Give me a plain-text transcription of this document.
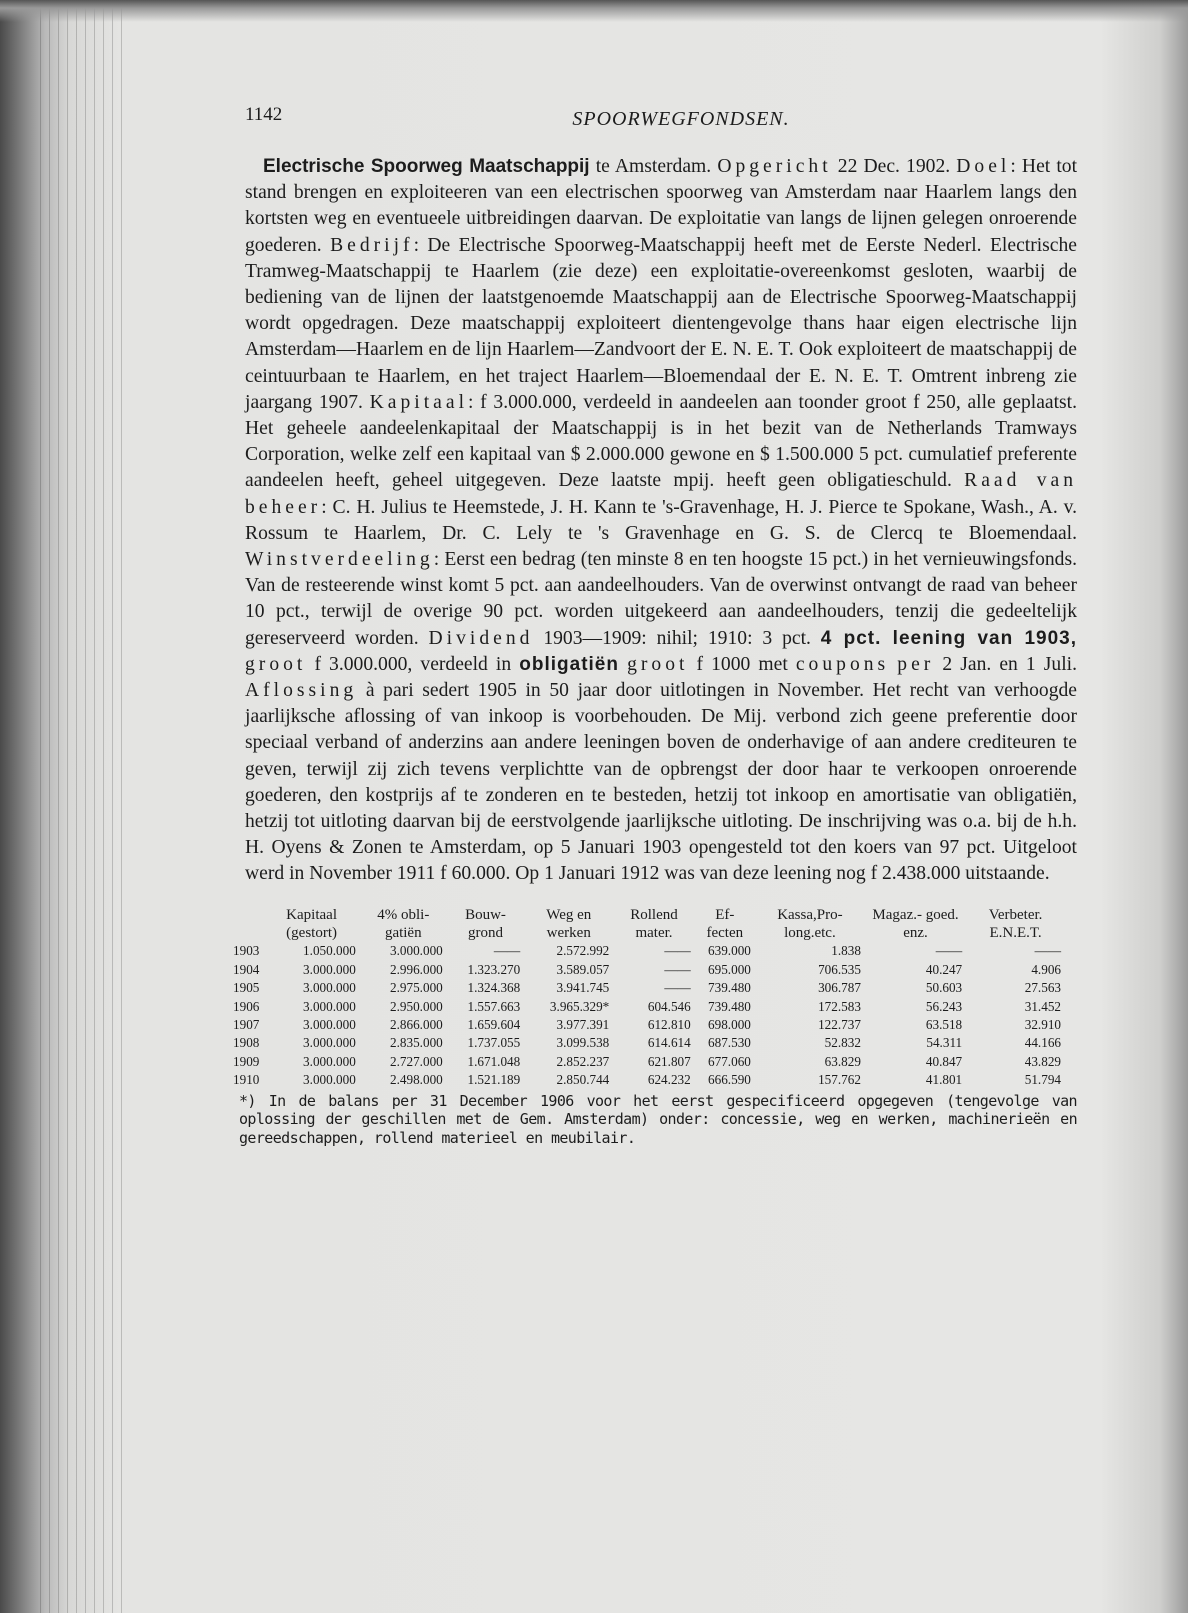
1142	SPOORWEGFONDSEN.

Electrische Spoorweg Maatschappij te Amsterdam. Opgericht 22 Dec. 1902. Doel: Het tot stand brengen en exploiteeren van een electrischen spoorweg van Amsterdam naar Haarlem langs den kortsten weg en eventueele uitbreidingen daarvan. De exploitatie van langs de lijnen gelegen onroerende goederen. Bedrijf: De Electrische Spoorweg-Maatschappij heeft met de Eerste Nederl. Electrische Tramweg-Maatschappij te Haarlem (zie deze) een exploitatie-overeenkomst gesloten, waarbij de bediening van de lijnen der laatstgenoemde Maatschappij aan de Electrische Spoorweg-Maatschappij wordt opgedragen. Deze maatschappij exploiteert dientengevolge thans haar eigen electrische lijn Amsterdam—Haarlem en de lijn Haarlem—Zandvoort der E. N. E. T. Ook exploiteert de maatschappij de ceintuurbaan te Haarlem, en het traject Haarlem—Bloemendaal der E. N. E. T. Omtrent inbreng zie jaargang 1907. Kapitaal: f 3.000.000, verdeeld in aandeelen aan toonder groot f 250, alle geplaatst. Het geheele aandeelenkapitaal der Maatschappij is in het bezit van de Netherlands Tramways Corporation, welke zelf een kapitaal van $ 2.000.000 gewone en $ 1.500.000 5 pct. cumulatief preferente aandeelen heeft, geheel uitgegeven. Deze laatste mpij. heeft geen obligatieschuld. Raad van beheer: C. H. Julius te Heemstede, J. H. Kann te 's-Gravenhage, H. J. Pierce te Spokane, Wash., A. v. Rossum te Haarlem, Dr. C. Lely te 's Gravenhage en G. S. de Clercq te Bloemendaal. Winstverdeeling: Eerst een bedrag (ten minste 8 en ten hoogste 15 pct.) in het vernieuwingsfonds. Van de resteerende winst komt 5 pct. aan aandeelhouders. Van de overwinst ontvangt de raad van beheer 10 pct., terwijl de overige 90 pct. worden uitgekeerd aan aandeelhouders, tenzij die gedeeltelijk gereserveerd worden. Dividend 1903—1909: nihil; 1910: 3 pct. 4 pct. leening van 1903, groot f 3.000.000, verdeeld in obligatiën groot f 1000 met coupons per 2 Jan. en 1 Juli. Aflossing à pari sedert 1905 in 50 jaar door uitlotingen in November. Het recht van verhoogde jaarlijksche aflossing of van inkoop is voorbehouden. De Mij. verbond zich geene preferentie door speciaal verband of anderzins aan andere leeningen boven de onderhavige of aan andere crediteuren te geven, terwijl zij zich tevens verplichtte van de opbrengst der door haar te verkoopen onroerende goederen, den kostprijs af te zonderen en te besteden, hetzij tot inkoop en amortisatie van obligatiën, hetzij tot uitloting daarvan bij de eerstvolgende jaarlijksche uitloting. De inschrijving was o.a. bij de h.h. H. Oyens & Zonen te Amsterdam, op 5 Januari 1903 opengesteld tot den koers van 97 pct. Uitgeloot werd in November 1911 f 60.000. Op 1 Januari 1912 was van deze leening nog f 2.438.000 uitstaande.

	Kapitaal (gestort)	4% obli- gatiën	Bouw- grond	Weg en werken	Rollend mater.	Ef- fecten	Kassa,Pro- long.etc.	Magaz.- goed. enz.	Verbeter. E.N.E.T.
1903	1.050.000	3.000.000	——	2.572.992	——	639.000	1.838	——	——
1904	3.000.000	2.996.000	1.323.270	3.589.057	——	695.000	706.535	40.247	4.906
1905	3.000.000	2.975.000	1.324.368	3.941.745	——	739.480	306.787	50.603	27.563
1906	3.000.000	2.950.000	1.557.663	3.965.329*	604.546	739.480	172.583	56.243	31.452
1907	3.000.000	2.866.000	1.659.604	3.977.391	612.810	698.000	122.737	63.518	32.910
1908	3.000.000	2.835.000	1.737.055	3.099.538	614.614	687.530	52.832	54.311	44.166
1909	3.000.000	2.727.000	1.671.048	2.852.237	621.807	677.060	63.829	40.847	43.829
1910	3.000.000	2.498.000	1.521.189	2.850.744	624.232	666.590	157.762	41.801	51.794

*) In de balans per 31 December 1906 voor het eerst gespecificeerd opgegeven (tengevolge van oplossing der geschillen met de Gem. Amsterdam) onder: concessie, weg en werken, machinerieën en gereedschappen, rollend materieel en meubilair.
